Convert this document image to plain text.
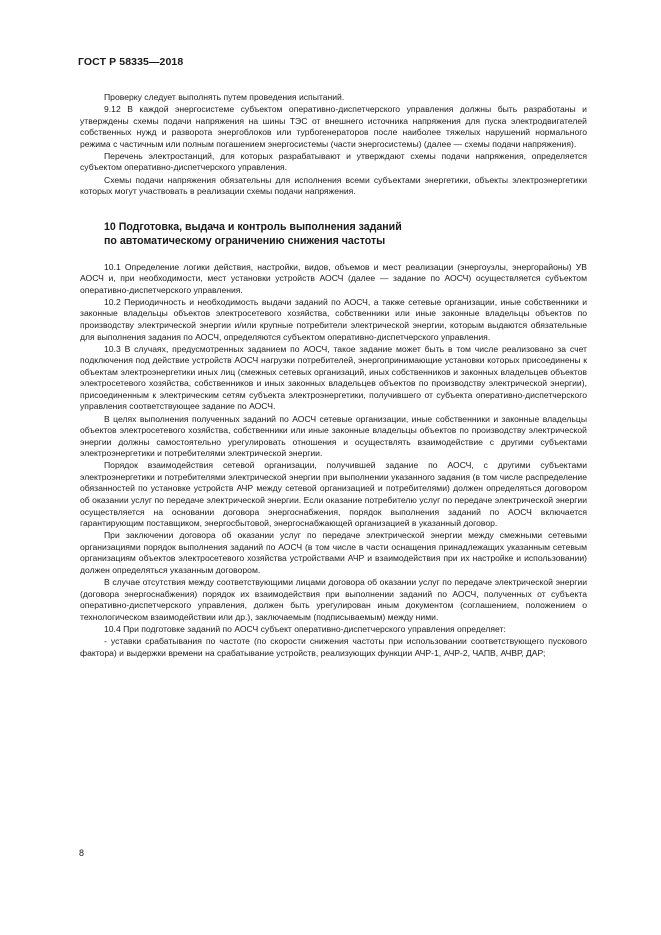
ГОСТ Р 58335—2018

Проверку следует выполнять путем проведения испытаний.

9.12 В каждой энергосистеме субъектом оперативно-диспетчерского управления должны быть разработаны и утверждены схемы подачи напряжения на шины ТЭС от внешнего источника напряжения для пуска электродвигателей собственных нужд и разворота энергоблоков или турбогенераторов после наиболее тяжелых нарушений нормального режима с частичным или полным погашением энергосистемы (части энергосистемы) (далее — схемы подачи напряжения).

Перечень электростанций, для которых разрабатывают и утверждают схемы подачи напряжения, определяется субъектом оперативно-диспетчерского управления.

Схемы подачи напряжения обязательны для исполнения всеми субъектами энергетики, объекты электроэнергетики которых могут участвовать в реализации схемы подачи напряжения.

10 Подготовка, выдача и контроль выполнения заданий
по автоматическому ограничению снижения частоты

10.1 Определение логики действия, настройки, видов, объемов и мест реализации (энергоузлы, энергорайоны) УВ АОСЧ и, при необходимости, мест установки устройств АОСЧ (далее — задание по АОСЧ) осуществляется субъектом оперативно-диспетчерского управления.

10.2 Периодичность и необходимость выдачи заданий по АОСЧ, а также сетевые организации, иные собственники и законные владельцы объектов электросетевого хозяйства, собственники или иные законные владельцы объектов по производству электрической энергии и/или крупные потребители электрической энергии, которым выдаются обязательные для выполнения задания по АОСЧ, определяются субъектом оперативно-диспетчерского управления.

10.3 В случаях, предусмотренных заданием по АОСЧ, такое задание может быть в том числе реализовано за счет подключения под действие устройств АОСЧ нагрузки потребителей, энергопринимающие установки которых присоединены к объектам электроэнергетики иных лиц (смежных сетевых организаций, иных собственников и законных владельцев объектов электросетевого хозяйства, собственников и иных законных владельцев объектов по производству электрической энергии), присоединенным к электрическим сетям субъекта электроэнергетики, получившего от субъекта оперативно-диспетчерского управления соответствующее задание по АОСЧ.

В целях выполнения полученных заданий по АОСЧ сетевые организации, иные собственники и законные владельцы объектов электросетевого хозяйства, собственники или иные законные владельцы объектов по производству электрической энергии должны самостоятельно урегулировать отношения и осуществлять взаимодействие с другими субъектами электроэнергетики и потребителями электрической энергии.

Порядок взаимодействия сетевой организации, получившей задание по АОСЧ, с другими субъектами электроэнергетики и потребителями электрической энергии при выполнении указанного задания (в том числе распределение обязанностей по установке устройств АЧР между сетевой организацией и потребителями) должен определяться договором об оказании услуг по передаче электрической энергии. Если оказание потребителю услуг по передаче электрической энергии осуществляется на основании договора энергоснабжения, порядок выполнения заданий по АОСЧ включается гарантирующим поставщиком, энергосбытовой, энергоснабжающей организацией в указанный договор.

При заключении договора об оказании услуг по передаче электрической энергии между смежными сетевыми организациями порядок выполнения заданий по АОСЧ (в том числе в части оснащения принадлежащих указанным сетевым организациям объектов электросетевого хозяйства устройствами АЧР и взаимодействия при их настройке и использовании) должен определяться указанным договором.

В случае отсутствия между соответствующими лицами договора об оказании услуг по передаче электрической энергии (договора энергоснабжения) порядок их взаимодействия при выполнении заданий по АОСЧ, полученных от субъекта оперативно-диспетчерского управления, должен быть урегулирован иным документом (соглашением, положением о технологическом взаимодействии или др.), заключаемым (подписываемым) между ними.

10.4 При подготовке заданий по АОСЧ субъект оперативно-диспетчерского управления определяет:

- уставки срабатывания по частоте (по скорости снижения частоты при использовании соответствующего пускового фактора) и выдержки времени на срабатывание устройств, реализующих функции АЧР-1, АЧР-2, ЧАПВ, АЧВР, ДАР;

8
